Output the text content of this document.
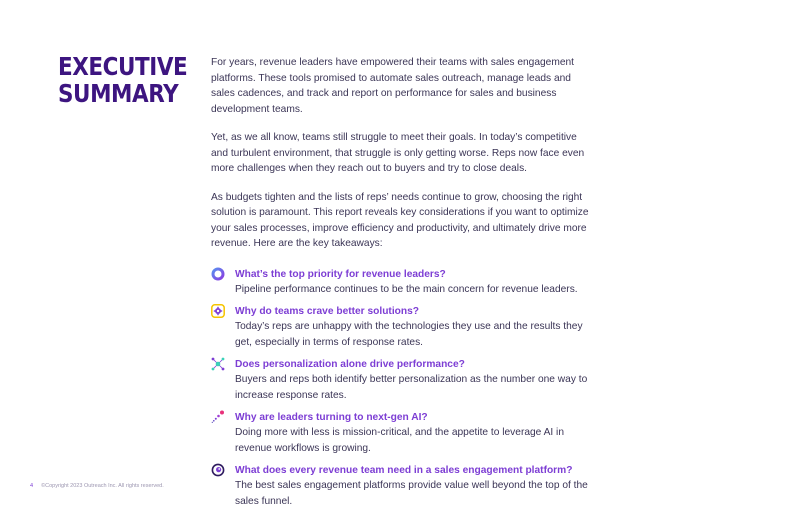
EXECUTIVE
SUMMARY

For years, revenue leaders have empowered their teams with sales engagement platforms. These tools promised to automate sales outreach, manage leads and sales cadences, and track and report on performance for sales and business development teams.

Yet, as we all know, teams still struggle to meet their goals. In today’s competitive and turbulent environment, that struggle is only getting worse. Reps now face even more challenges when they reach out to buyers and try to close deals.

As budgets tighten and the lists of reps’ needs continue to grow, choosing the right solution is paramount. This report reveals key considerations if you want to optimize your sales processes, improve efficiency and productivity, and ultimately drive more revenue. Here are the key takeaways:

What’s the top priority for revenue leaders?

Pipeline performance continues to be the main concern for revenue leaders.

Why do teams crave better solutions?

Today’s reps are unhappy with the technologies they use and the results they get, especially in terms of response rates.

Does personalization alone drive performance?

Buyers and reps both identify better personalization as the number one way to increase response rates.

Why are leaders turning to next-gen AI?

Doing more with less is mission-critical, and the appetite to leverage AI in revenue workflows is growing.

What does every revenue team need in a sales engagement platform?

The best sales engagement platforms provide value well beyond the top of the sales funnel.

4 ©Copyright 2023 Outreach Inc. All rights reserved.
